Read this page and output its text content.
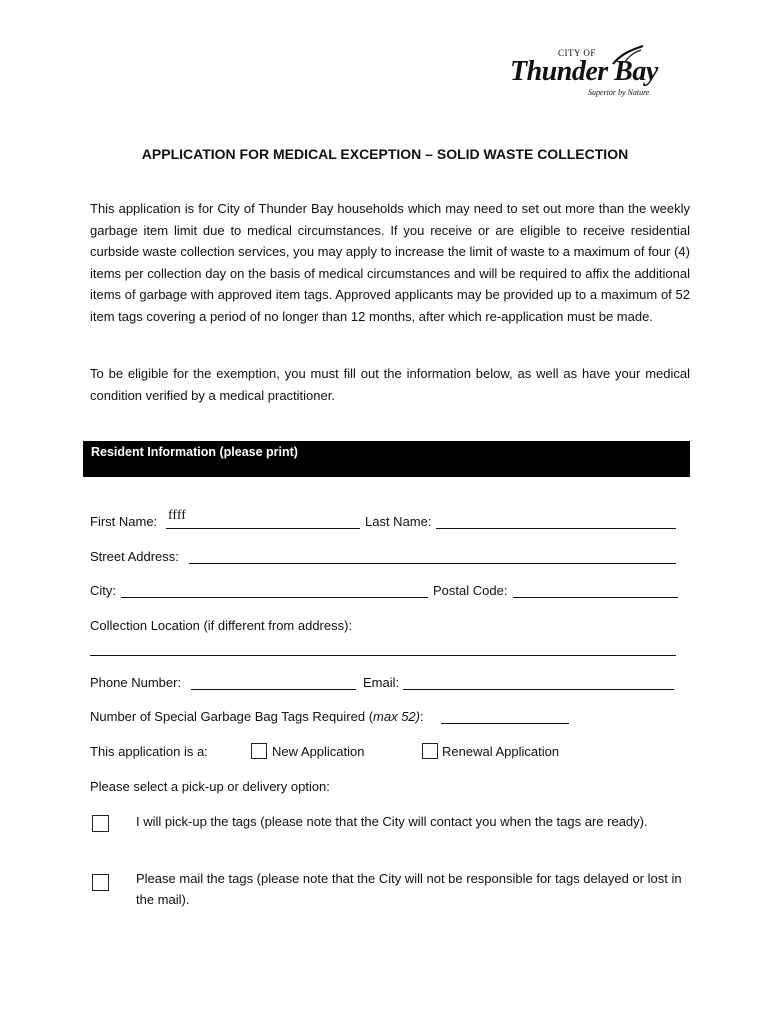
CITY OF
Thunder Bay
Superior by Nature
APPLICATION FOR MEDICAL EXCEPTION – SOLID WASTE COLLECTION
This application is for City of Thunder Bay households which may need to set out more than the weekly garbage item limit due to medical circumstances. If you receive or are eligible to receive residential curbside waste collection services, you may apply to increase the limit of waste to a maximum of four (4) items per collection day on the basis of medical circumstances and will be required to affix the additional items of garbage with approved item tags. Approved applicants may be provided up to a maximum of 52 item tags covering a period of no longer than 12 months, after which re-application must be made.
To be eligible for the exemption, you must fill out the information below, as well as have your medical condition verified by a medical practitioner.
Resident Information (please print)
First Name: ffff	Last Name:
Street Address:
City:	Postal Code:
Collection Location (if different from address):
Phone Number:	Email:
Number of Special Garbage Bag Tags Required (max 52):
This application is a:	New Application	Renewal Application
Please select a pick-up or delivery option:
I will pick-up the tags (please note that the City will contact you when the tags are ready).
Please mail the tags (please note that the City will not be responsible for tags delayed or lost in the mail).
